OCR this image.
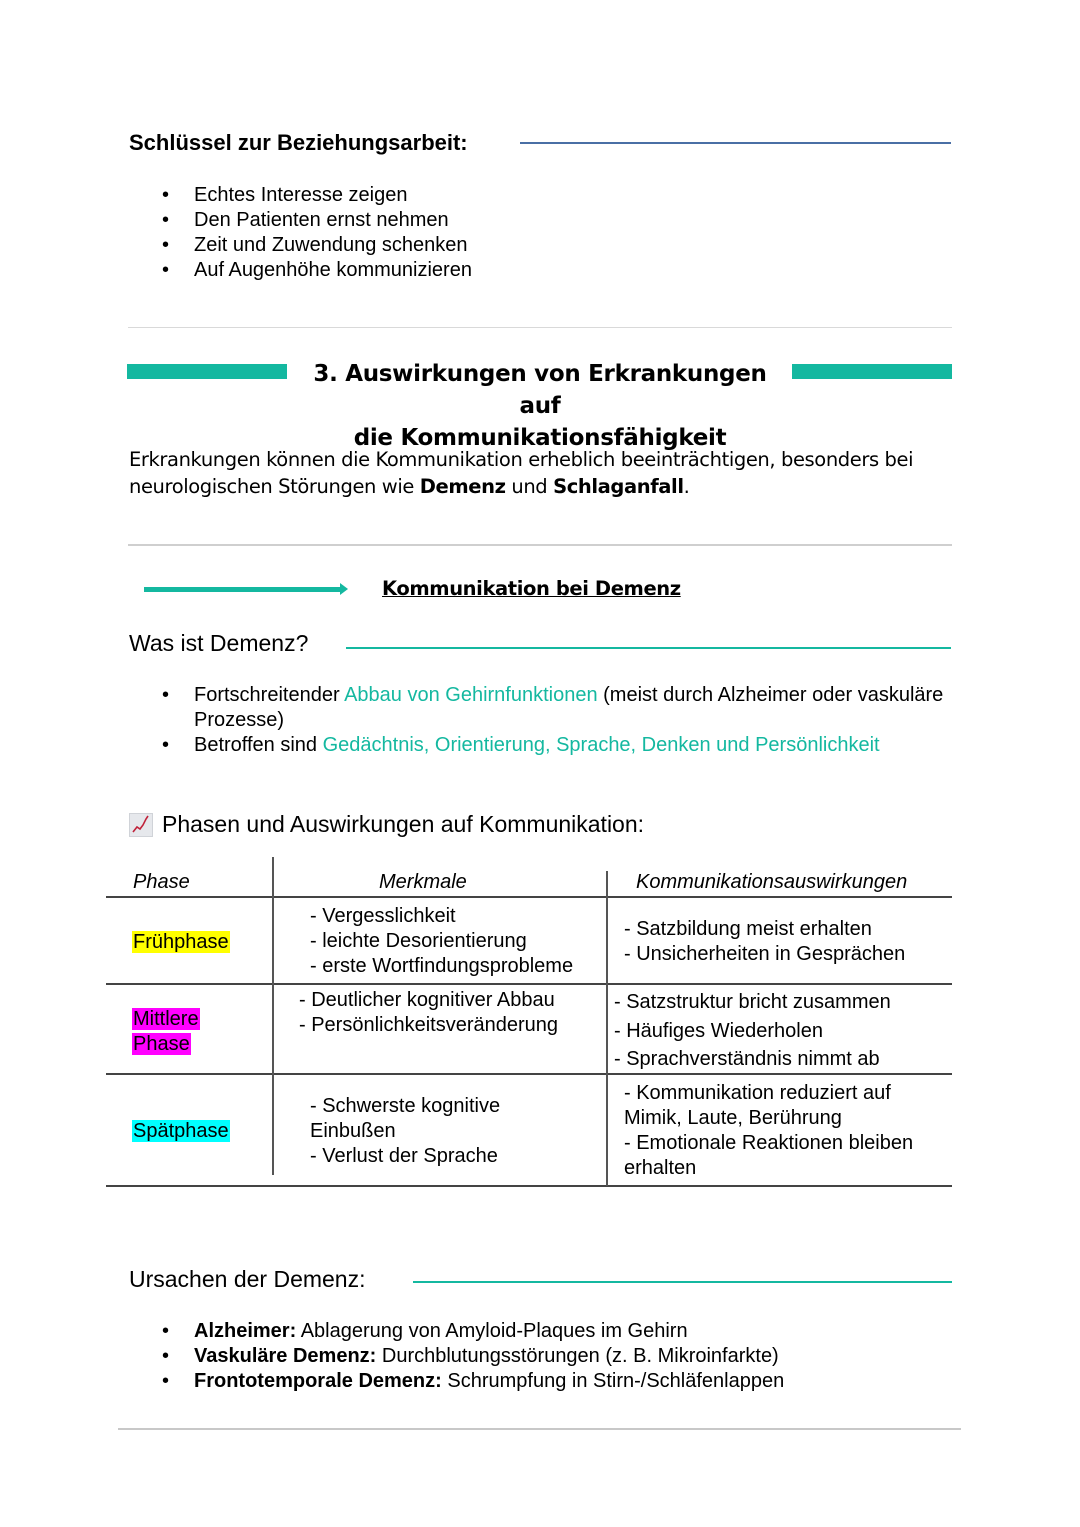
Schlüssel zur Beziehungsarbeit:
• Echtes Interesse zeigen
• Den Patienten ernst nehmen
• Zeit und Zuwendung schenken
• Auf Augenhöhe kommunizieren
3. Auswirkungen von Erkrankungen auf
die Kommunikationsfähigkeit
Erkrankungen können die Kommunikation erheblich beeinträchtigen, besonders bei neurologischen Störungen wie Demenz und Schlaganfall.
Kommunikation bei Demenz
Was ist Demenz?
• Fortschreitender Abbau von Gehirnfunktionen (meist durch Alzheimer oder vaskuläre Prozesse)
• Betroffen sind Gedächtnis, Orientierung, Sprache, Denken und Persönlichkeit
Phasen und Auswirkungen auf Kommunikation:
Phase	Merkmale	Kommunikationsauswirkungen
Frühphase
- Vergesslichkeit
- leichte Desorientierung
- erste Wortfindungsprobleme
- Satzbildung meist erhalten
- Unsicherheiten in Gesprächen
Mittlere
Phase
- Deutlicher kognitiver Abbau
- Persönlichkeitsveränderung
- Satzstruktur bricht zusammen
- Häufiges Wiederholen
- Sprachverständnis nimmt ab
Spätphase
- Schwerste kognitive
Einbußen
- Verlust der Sprache
- Kommunikation reduziert auf
Mimik, Laute, Berührung
- Emotionale Reaktionen bleiben
erhalten
Ursachen der Demenz:
• Alzheimer: Ablagerung von Amyloid-Plaques im Gehirn
• Vaskuläre Demenz: Durchblutungsstörungen (z. B. Mikroinfarkte)
• Frontotemporale Demenz: Schrumpfung in Stirn-/Schläfenlappen
